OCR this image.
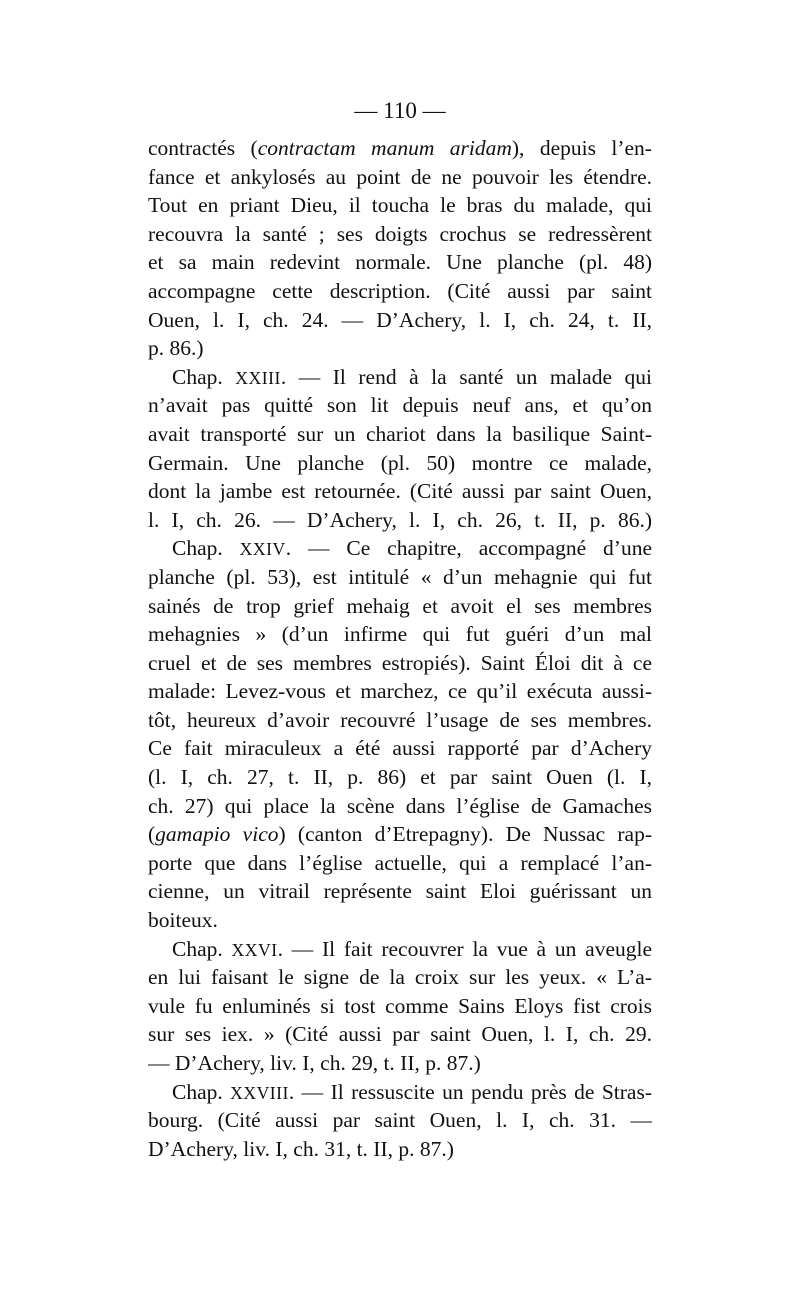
— 110 —
contractés (contractam manum aridam), depuis l’en-
fance et ankylosés au point de ne pouvoir les étendre.
Tout en priant Dieu, il toucha le bras du malade, qui
recouvra la santé ; ses doigts crochus se redressèrent
et sa main redevint normale. Une planche (pl. 48)
accompagne cette description. (Cité aussi par saint
Ouen, l. I, ch. 24. — D’Achery, l. I, ch. 24, t. II,
p. 86.)
Chap. XXIII. — Il rend à la santé un malade qui
n’avait pas quitté son lit depuis neuf ans, et qu’on
avait transporté sur un chariot dans la basilique Saint-
Germain. Une planche (pl. 50) montre ce malade,
dont la jambe est retournée. (Cité aussi par saint Ouen,
l. I, ch. 26. — D’Achery, l. I, ch. 26, t. II, p. 86.)
Chap. XXIV. — Ce chapitre, accompagné d’une
planche (pl. 53), est intitulé « d’un mehagnie qui fut
sainés de trop grief mehaig et avoit el ses membres
mehagnies » (d’un infirme qui fut guéri d’un mal
cruel et de ses membres estropiés). Saint Éloi dit à ce
malade: Levez-vous et marchez, ce qu’il exécuta aussi-
tôt, heureux d’avoir recouvré l’usage de ses membres.
Ce fait miraculeux a été aussi rapporté par d’Achery
(l. I, ch. 27, t. II, p. 86) et par saint Ouen (l. I,
ch. 27) qui place la scène dans l’église de Gamaches
(gamapio vico) (canton d’Etrepagny). De Nussac rap-
porte que dans l’église actuelle, qui a remplacé l’an-
cienne, un vitrail représente saint Eloi guérissant un
boiteux.
Chap. XXVI. — Il fait recouvrer la vue à un aveugle
en lui faisant le signe de la croix sur les yeux. « L’a-
vule fu enluminés si tost comme Sains Eloys fist crois
sur ses iex. » (Cité aussi par saint Ouen, l. I, ch. 29.
— D’Achery, liv. I, ch. 29, t. II, p. 87.)
Chap. XXVIII. — Il ressuscite un pendu près de Stras-
bourg. (Cité aussi par saint Ouen, l. I, ch. 31. —
D’Achery, liv. I, ch. 31, t. II, p. 87.)
